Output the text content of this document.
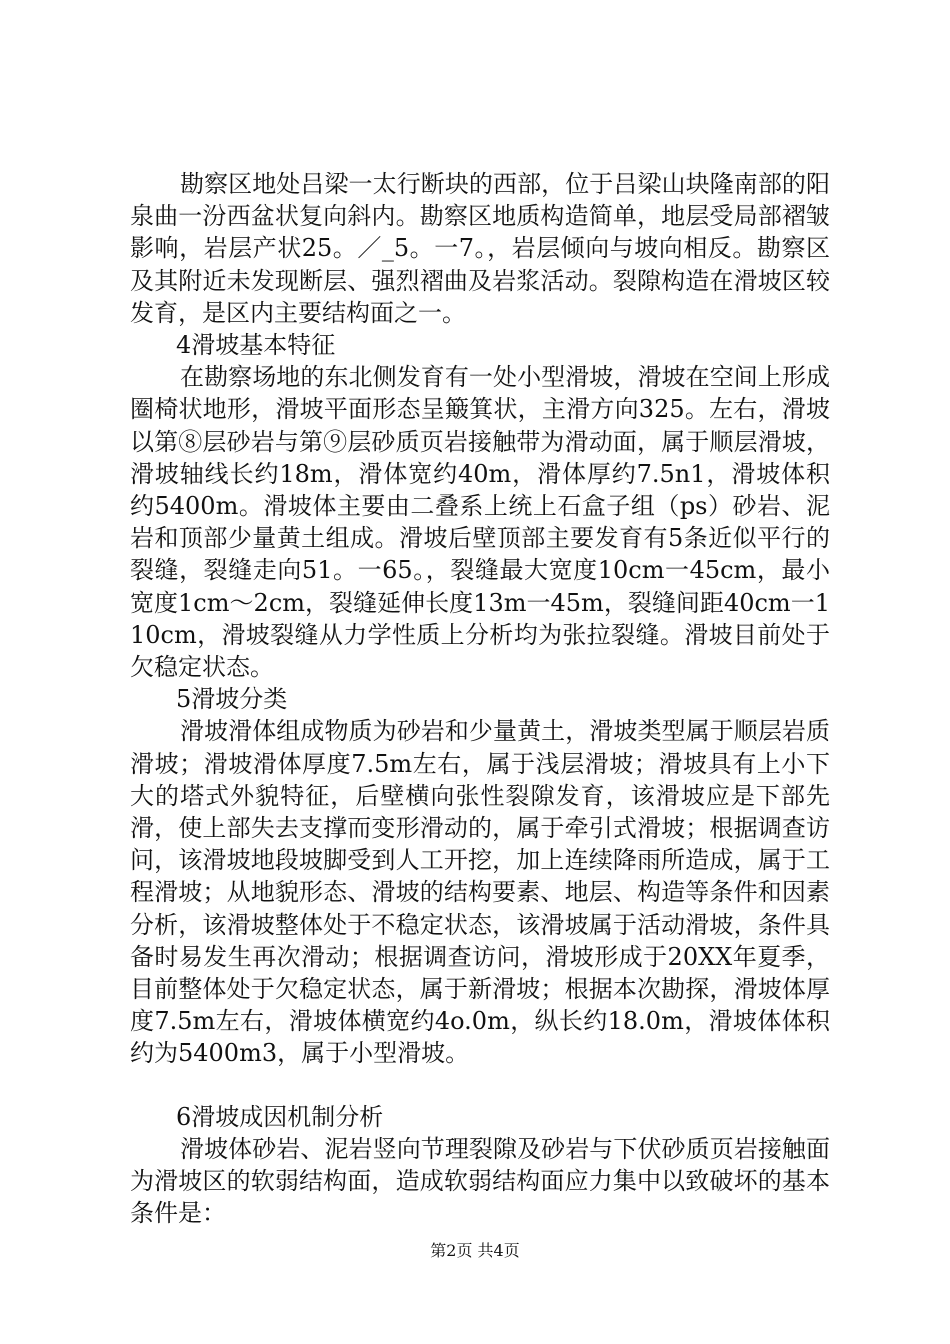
勘察区地处吕梁一太行断块的西部，位于吕梁山块隆南部的阳泉曲一汾西盆状复向斜内。勘察区地质构造简单，地层受局部褶皱影响，岩层产状25。／_5。一7。，岩层倾向与坡向相反。勘察区及其附近未发现断层、强烈褶曲及岩浆活动。裂隙构造在滑坡区较发育，是区内主要结构面之一。

4滑坡基本特征

在勘察场地的东北侧发育有一处小型滑坡，滑坡在空间上形成圈椅状地形，滑坡平面形态呈簸箕状，主滑方向325。左右，滑坡以第⑧层砂岩与第⑨层砂质页岩接触带为滑动面，属于顺层滑坡，滑坡轴线长约18m，滑体宽约40m，滑体厚约7.5n1，滑坡体积约5400m。滑坡体主要由二叠系上统上石盒子组（ps）砂岩、泥岩和顶部少量黄土组成。滑坡后壁顶部主要发育有5条近似平行的裂缝，裂缝走向51。一65。，裂缝最大宽度10cm一45cm，最小宽度1cm～2cm，裂缝延伸长度13m一45m，裂缝间距40cm一110cm，滑坡裂缝从力学性质上分析均为张拉裂缝。滑坡目前处于欠稳定状态。

5滑坡分类

滑坡滑体组成物质为砂岩和少量黄土，滑坡类型属于顺层岩质滑坡；滑坡滑体厚度7.5m左右，属于浅层滑坡；滑坡具有上小下大的塔式外貌特征，后壁横向张性裂隙发育，该滑坡应是下部先滑，使上部失去支撑而变形滑动的，属于牵引式滑坡；根据调查访问，该滑坡地段坡脚受到人工开挖，加上连续降雨所造成，属于工程滑坡；从地貌形态、滑坡的结构要素、地层、构造等条件和因素分析，该滑坡整体处于不稳定状态，该滑坡属于活动滑坡，条件具备时易发生再次滑动；根据调查访问，滑坡形成于20XX年夏季，目前整体处于欠稳定状态，属于新滑坡；根据本次勘探，滑坡体厚度7.5m左右，滑坡体横宽约4o.0m，纵长约18.0m，滑坡体体积约为5400m3，属于小型滑坡。

6滑坡成因机制分析

滑坡体砂岩、泥岩竖向节理裂隙及砂岩与下伏砂质页岩接触面为滑坡区的软弱结构面，造成软弱结构面应力集中以致破坏的基本条件是：

第2页 共4页
